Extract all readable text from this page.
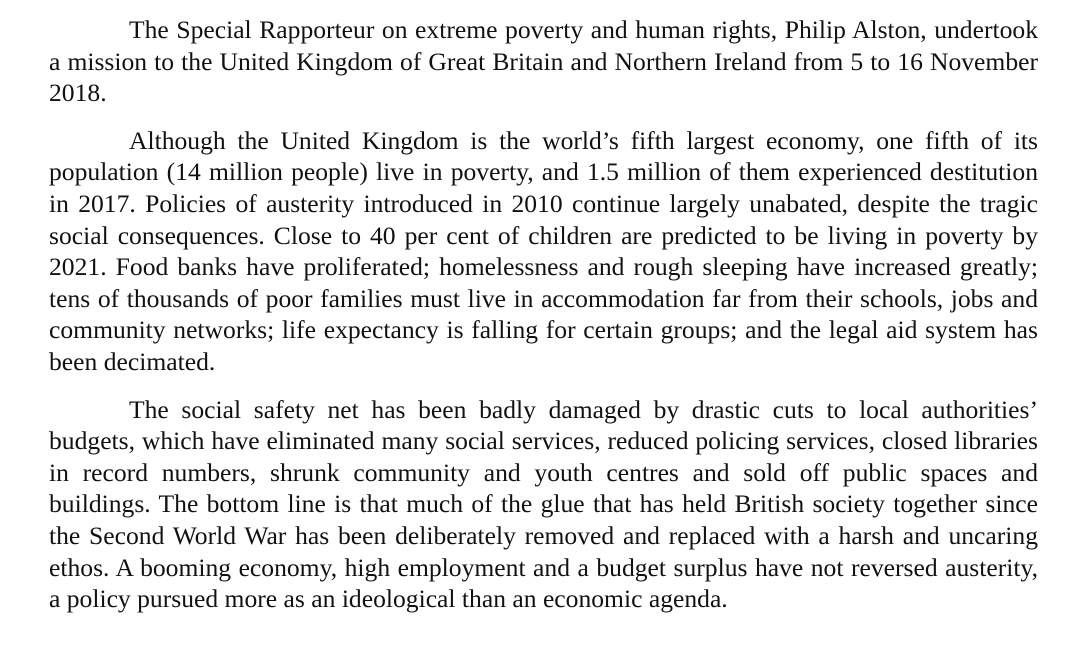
The Special Rapporteur on extreme poverty and human rights, Philip Alston, undertook a mission to the United Kingdom of Great Britain and Northern Ireland from 5 to 16 November 2018.

Although the United Kingdom is the world’s fifth largest economy, one fifth of its population (14 million people) live in poverty, and 1.5 million of them experienced destitution in 2017. Policies of austerity introduced in 2010 continue largely unabated, despite the tragic social consequences. Close to 40 per cent of children are predicted to be living in poverty by 2021. Food banks have proliferated; homelessness and rough sleeping have increased greatly; tens of thousands of poor families must live in accommodation far from their schools, jobs and community networks; life expectancy is falling for certain groups; and the legal aid system has been decimated.

The social safety net has been badly damaged by drastic cuts to local authorities’ budgets, which have eliminated many social services, reduced policing services, closed libraries in record numbers, shrunk community and youth centres and sold off public spaces and buildings. The bottom line is that much of the glue that has held British society together since the Second World War has been deliberately removed and replaced with a harsh and uncaring ethos. A booming economy, high employment and a budget surplus have not reversed austerity, a policy pursued more as an ideological than an economic agenda.
